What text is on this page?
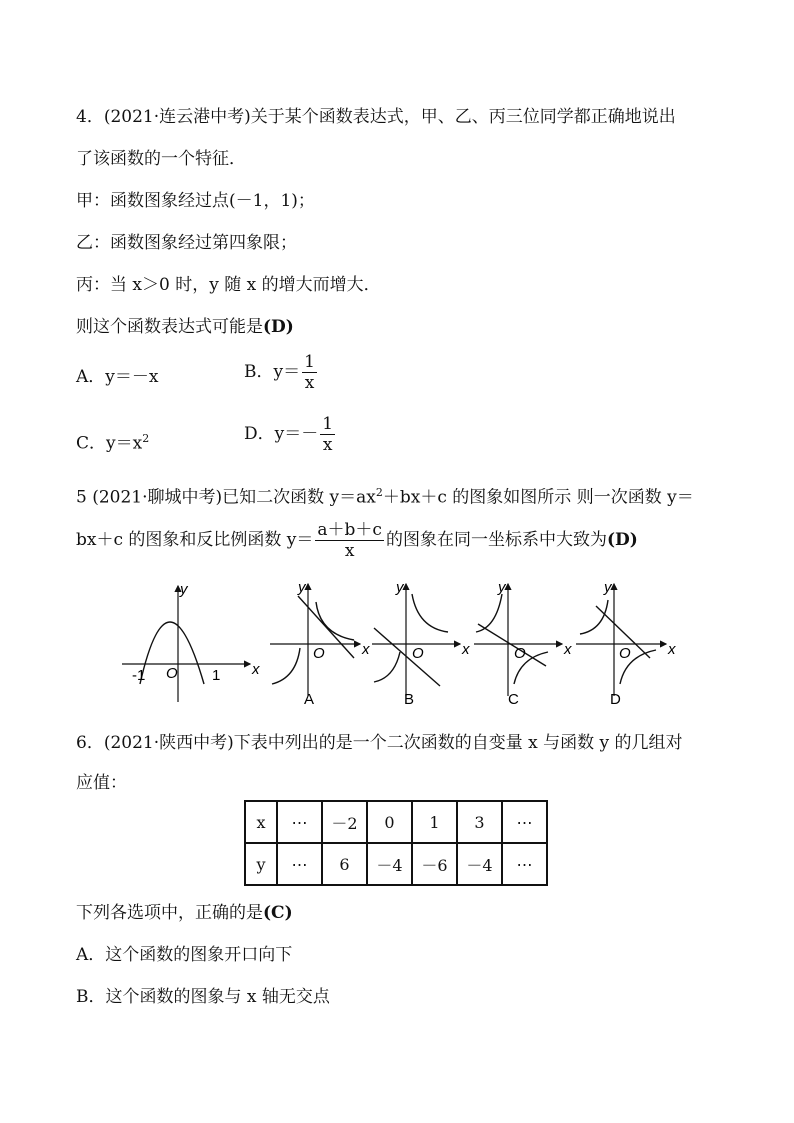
4．(2021·连云港中考)关于某个函数表达式，甲、乙、丙三位同学都正确地说出
了该函数的一个特征．
甲：函数图象经过点(－1，1)；
乙：函数图象经过第四象限；
丙：当 x＞0 时，y 随 x 的增大而增大．
则这个函数表达式可能是(D)
A．y＝－x	B．$y= \frac{1}{x}$
C．$y=x^2$	D．$y=- \frac{1}{x}$
5 (2021·聊城中考)已知二次函数 $y=ax^2+bx+c$ 的图象如图所示 则一次函数 y＝
bx＋c 的图象和反比例函数 $y= \frac{a+b+c}{x}$ 的图象在同一坐标系中大致为(D)
y
x
O
-1	1
y
x
O
A
y
x
O
B
y
x
O
C
y
x
O
D
6．(2021·陕西中考)下表中列出的是一个二次函数的自变量 x 与函数 y 的几组对
应值：
x	⋯	－2	0	1	3	⋯
y	⋯	6	－4	－6	－4	⋯
下列各选项中，正确的是(C)
A．这个函数的图象开口向下
B．这个函数的图象与 x 轴无交点
